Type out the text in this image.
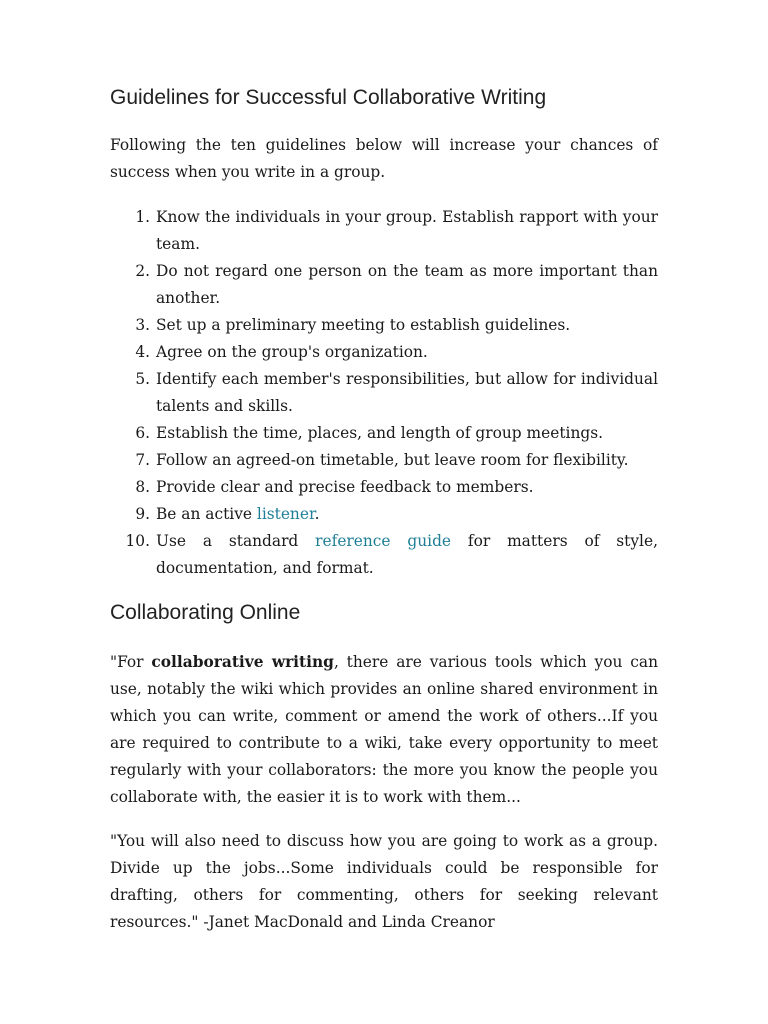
Guidelines for Successful Collaborative Writing

Following the ten guidelines below will increase your chances of success when you write in a group.

1. Know the individuals in your group. Establish rapport with your team.
2. Do not regard one person on the team as more important than another.
3. Set up a preliminary meeting to establish guidelines.
4. Agree on the group's organization.
5. Identify each member's responsibilities, but allow for individual talents and skills.
6. Establish the time, places, and length of group meetings.
7. Follow an agreed-on timetable, but leave room for flexibility.
8. Provide clear and precise feedback to members.
9. Be an active listener.
10. Use a standard reference guide for matters of style, documentation, and format.
Collaborating Online

"For collaborative writing, there are various tools which you can use, notably the wiki which provides an online shared environment in which you can write, comment or amend the work of others...If you are required to contribute to a wiki, take every opportunity to meet regularly with your collaborators: the more you know the people you collaborate with, the easier it is to work with them...

"You will also need to discuss how you are going to work as a group. Divide up the jobs...Some individuals could be responsible for drafting, others for commenting, others for seeking relevant resources." -Janet MacDonald and Linda Creanor
